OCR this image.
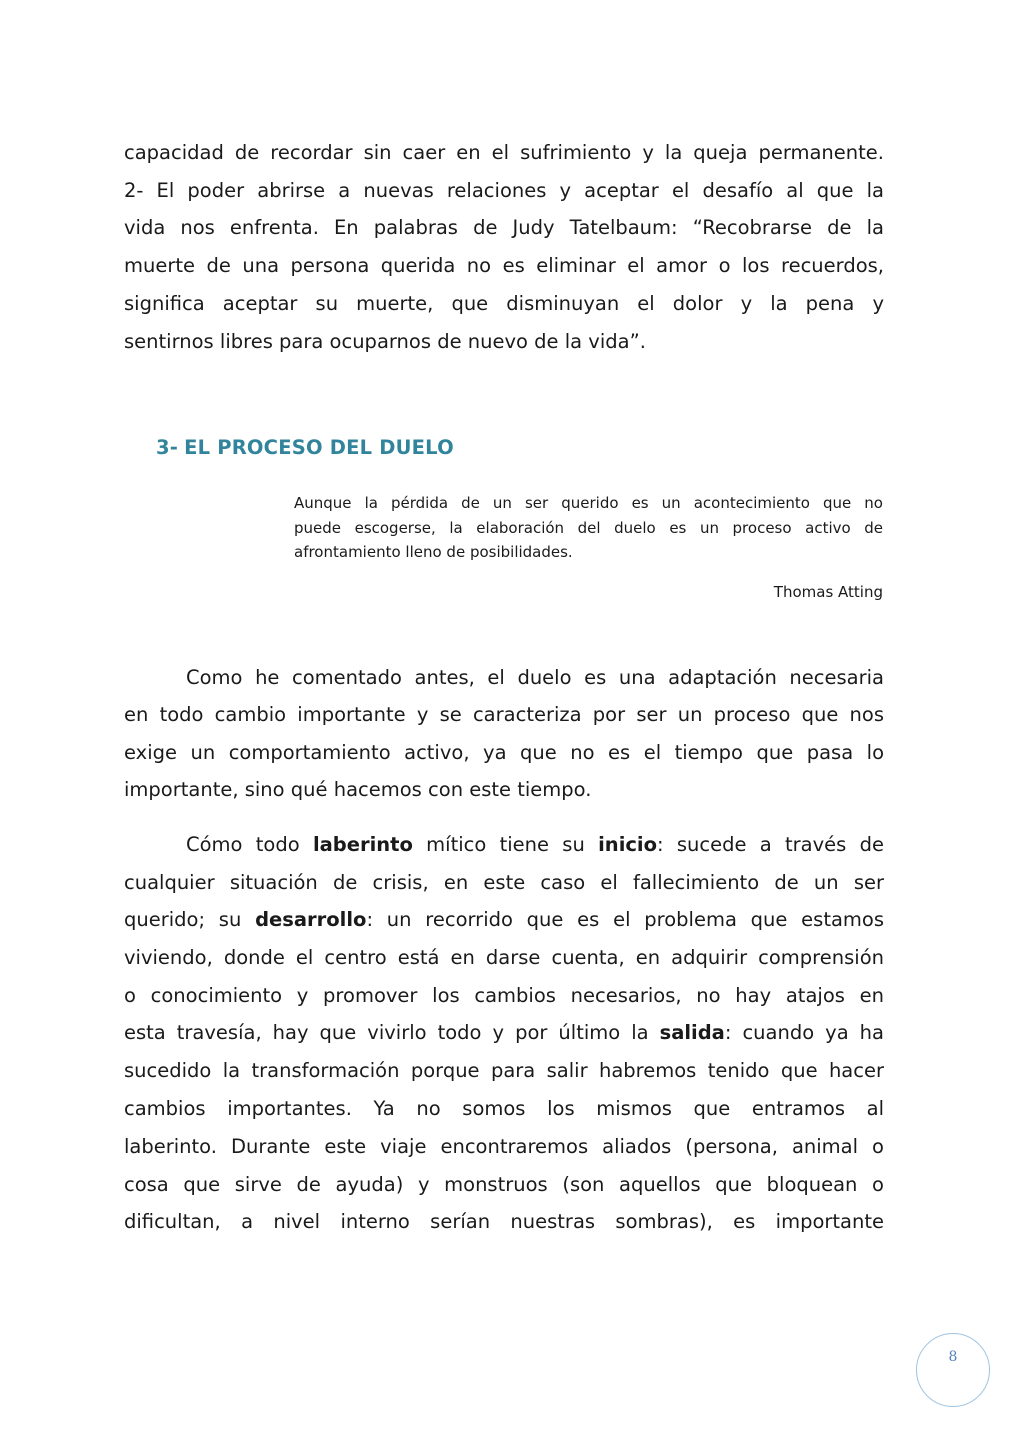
capacidad de recordar sin caer en el sufrimiento y la queja permanente.
2- El poder abrirse a nuevas relaciones y aceptar el desafío al que la
vida nos enfrenta. En palabras de Judy Tatelbaum: “Recobrarse de la
muerte de una persona querida no es eliminar el amor o los recuerdos,
significa aceptar su muerte, que disminuyan el dolor y la pena y
sentirnos libres para ocuparnos de nuevo de la vida”.
3- EL PROCESO DEL DUELO
Aunque la pérdida de un ser querido es un acontecimiento que no
puede escogerse, la elaboración del duelo es un proceso activo de
afrontamiento lleno de posibilidades.
Thomas Atting
Como he comentado antes, el duelo es una adaptación necesaria
en todo cambio importante y se caracteriza por ser un proceso que nos
exige un comportamiento activo, ya que no es el tiempo que pasa lo
importante, sino qué hacemos con este tiempo.
Cómo todo laberinto mítico tiene su inicio: sucede a través de
cualquier situación de crisis, en este caso el fallecimiento de un ser
querido; su desarrollo: un recorrido que es el problema que estamos
viviendo, donde el centro está en darse cuenta, en adquirir comprensión
o conocimiento y promover los cambios necesarios, no hay atajos en
esta travesía, hay que vivirlo todo y por último la salida: cuando ya ha
sucedido la transformación porque para salir habremos tenido que hacer
cambios importantes. Ya no somos los mismos que entramos al
laberinto. Durante este viaje encontraremos aliados (persona, animal o
cosa que sirve de ayuda) y monstruos (son aquellos que bloquean o
dificultan, a nivel interno serían nuestras sombras), es importante
8
